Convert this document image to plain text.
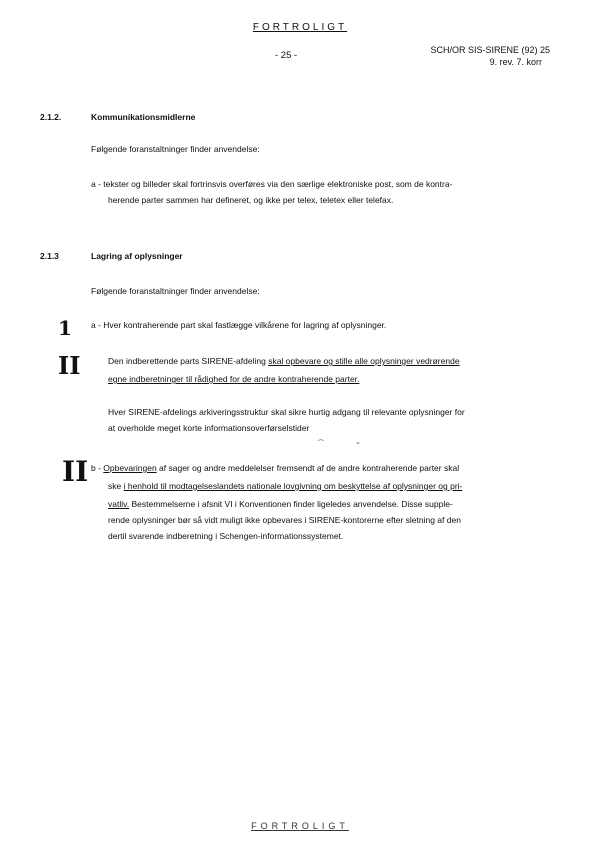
FORTROLIGT
- 25 -	SCH/OR SIS-SIRENE (92) 25
9. rev. 7. korr
2.1.2.	Kommunikationsmidlerne
Følgende foranstaltninger finder anvendelse:
a - tekster og billeder skal fortrinsvis overføres via den særlige elektroniske post, som de kontra-
herende parter sammen har defineret, og ikke per telex, teletex eller telefax.
2.1.3	Lagring af oplysninger
Følgende foranstaltninger finder anvendelse:
1 a - Hver kontraherende part skal fastlægge vilkårene for lagring af oplysninger.
II	Den indberettende parts SIRENE-afdeling skal opbevare og stille alle oplysninger vedrørende
egne indberetninger til rådighed for de andre kontraherende parter.
Hver SIRENE-afdelings arkiveringsstruktur skal sikre hurtig adgang til relevante oplysninger for
at overholde meget korte informationsoverførselstider
⁀	⌄
II b - Opbevaringen af sager og andre meddelelser fremsendt af de andre kontraherende parter skal
ske i henhold til modtagelseslandets nationale lovgivning om beskyttelse af oplysninger og pri-
vatliv. Bestemmelserne i afsnit VI i Konventionen finder ligeledes anvendelse. Disse supple-
rende oplysninger bør så vidt muligt ikke opbevares i SIRENE-kontorerne efter sletning af den
dertil svarende indberetning i Schengen-informationssystemet.
FORTROLIGT
